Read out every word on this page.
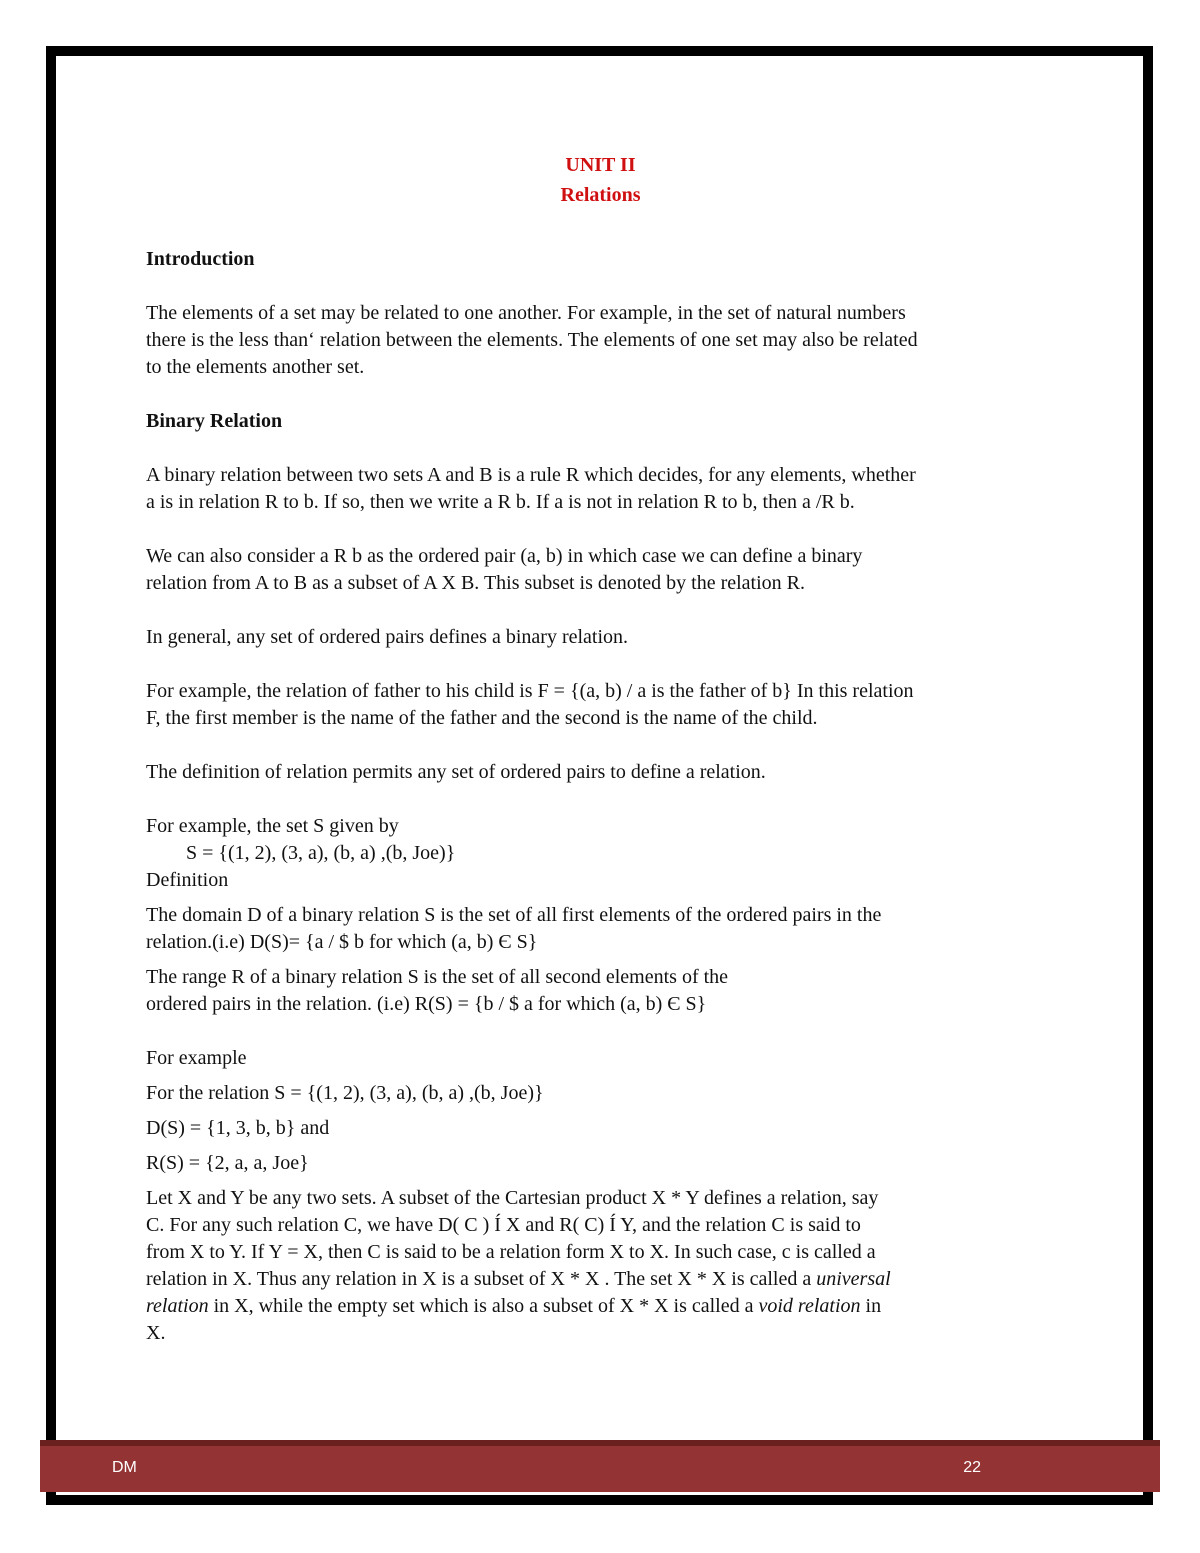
UNIT II
Relations

Introduction

The elements of a set may be related to one another. For example, in the set of natural numbers
there is the less than‘ relation between the elements. The elements of one set may also be related
to the elements another set.

Binary Relation

A binary relation between two sets A and B is a rule R which decides, for any elements, whether
a is in relation R to b. If so, then we write a R b. If a is not in relation R to b, then a /R b.

We can also consider a R b as the ordered pair (a, b) in which case we can define a binary
relation from A to B as a subset of A X B. This subset is denoted by the relation R.

In general, any set of ordered pairs defines a binary relation.

For example, the relation of father to his child is F = {(a, b) / a is the father of b} In this relation
F, the first member is the name of the father and the second is the name of the child.

The definition of relation permits any set of ordered pairs to define a relation.

For example, the set S given by

S = {(1, 2), (3, a), (b, a) ,(b, Joe)}

Definition

The domain D of a binary relation S is the set of all first elements of the ordered pairs in the
relation.(i.e) D(S)= {a / $ b for which (a, b) Є S}

The range R of a binary relation S is the set of all second elements of the
ordered pairs in the relation. (i.e) R(S) = {b / $ a for which (a, b) Є S}

For example

For the relation S = {(1, 2), (3, a), (b, a) ,(b, Joe)}

D(S) = {1, 3, b, b} and

R(S) = {2, a, a, Joe}

Let X and Y be any two sets. A subset of the Cartesian product X * Y defines a relation, say
C. For any such relation C, we have D( C ) Í X and R( C) Í Y, and the relation C is said to
from X to Y. If Y = X, then C is said to be a relation form X to X. In such case, c is called a
relation in X. Thus any relation in X is a subset of X * X . The set X * X is called a universal
relation in X, while the empty set which is also a subset of X * X is called a void relation in
X.

DM	22
